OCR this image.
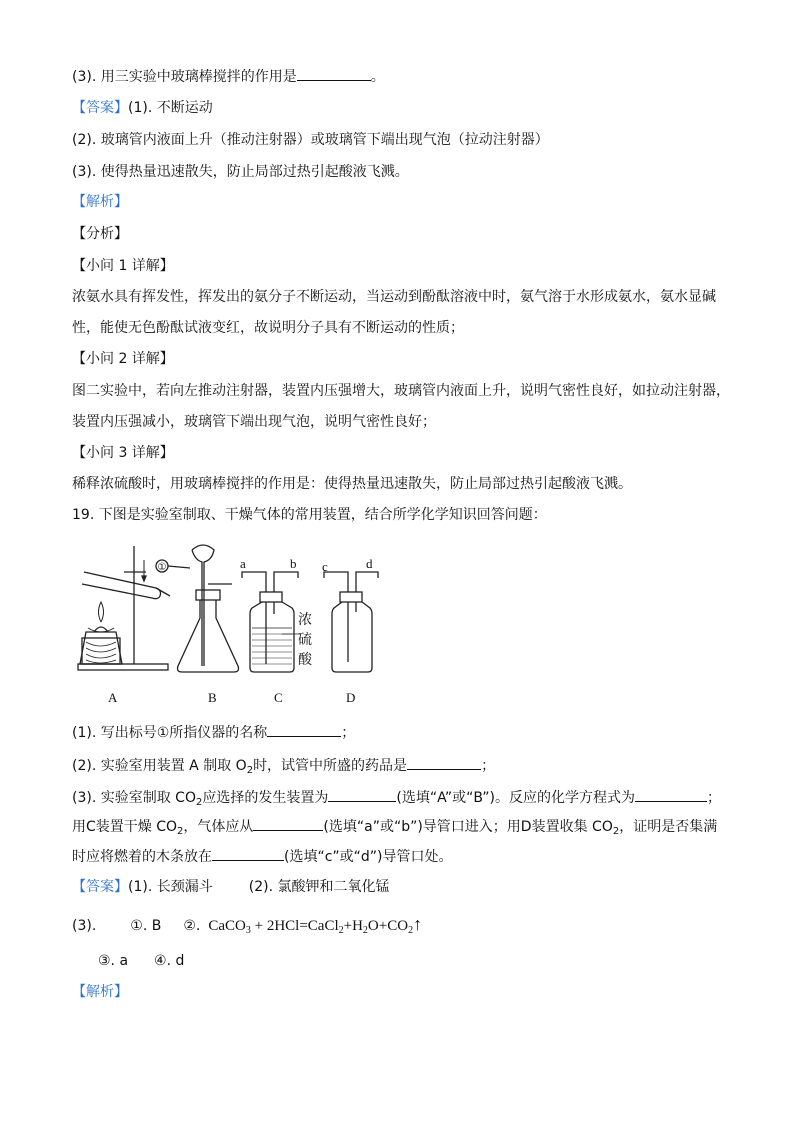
(3). 用三实验中玻璃棒搅拌的作用是	。
【答案】(1). 不断运动
(2). 玻璃管内液面上升（推动注射器）或玻璃管下端出现气泡（拉动注射器）
(3). 使得热量迅速散失，防止局部过热引起酸液飞溅。
【解析】
【分析】
【小问 1 详解】
浓氨水具有挥发性，挥发出的氨分子不断运动，当运动到酚酞溶液中时，氨气溶于水形成氨水，氨水显碱
性，能使无色酚酞试液变红，故说明分子具有不断运动的性质；
【小问 2 详解】
图二实验中，若向左推动注射器，装置内压强增大，玻璃管内液面上升，说明气密性良好，如拉动注射器，
装置内压强减小，玻璃管下端出现气泡，说明气密性良好；
【小问 3 详解】
稀释浓硫酸时，用玻璃棒搅拌的作用是：使得热量迅速散失，防止局部过热引起酸液飞溅。
19. 下图是实验室制取、干燥气体的常用装置，结合所学化学知识回答问题：
①	a	b c	d
浓
硫
酸
A	B	C	D
(1). 写出标号①所指仪器的名称	；
(2). 实验室用装置 A 制取 $O_2$时，试管中所盛的药品是	；
(3). 实验室制取 $CO_2$应选择的发生装置为	(选填“A”或“B”)。反应的化学方程式为	；
用C装置干燥 $CO_2$，气体应从	(选填“a”或“b”)导管口进入；用D装置收集 $CO_2$，证明是否集满
时应将燃着的木条放在	(选填“c”或“d”)导管口处。
【答案】(1). 长颈漏斗	(2). 氯酸钾和二氧化锰
(3). ①. B ②. CaCO$_3$ + $2HCl=CaCl_2+H_2O+CO_2↑$
③. a ④. d
【解析】
